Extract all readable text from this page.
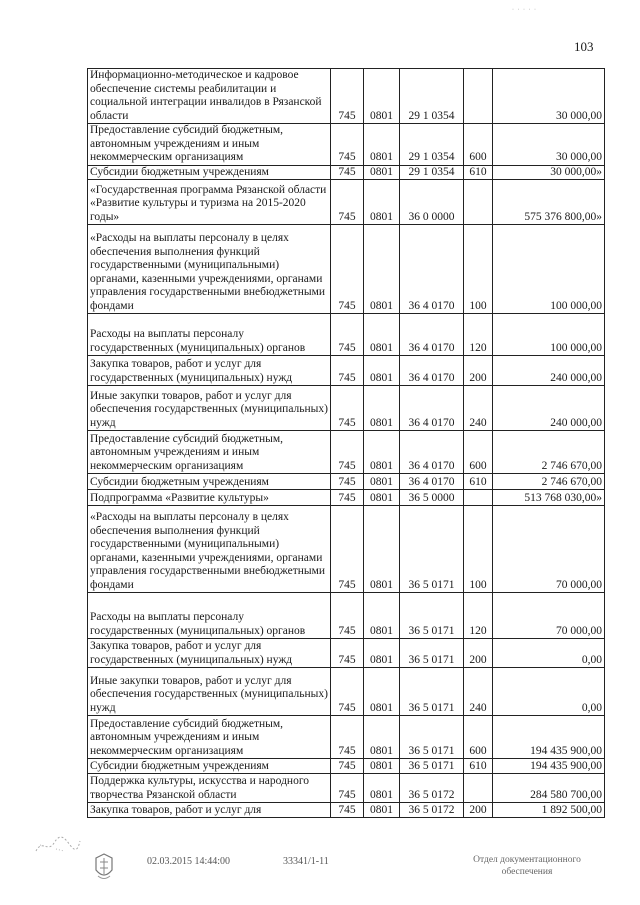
· · · · ·
103
Информационно-методическое и кадровое обеспечение системы реабилитации и социальной интеграции инвалидов в Рязанской области	745	0801	29 1 0354		30 000,00
Предоставление субсидий бюджетным, автономным учреждениям и иным некоммерческим организациям	745	0801	29 1 0354	600	30 000,00
Субсидии бюджетным учреждениям	745	0801	29 1 0354	610	30 000,00»
«Государственная программа Рязанской области «Развитие культуры и туризма на 2015-2020 годы»	745	0801	36 0 0000		575 376 800,00»
«Расходы на выплаты персоналу в целях обеспечения выполнения функций государственными (муниципальными) органами, казенными учреждениями, органами управления государственными внебюджетными фондами	745	0801	36 4 0170	100	100 000,00
Расходы на выплаты персоналу государственных (муниципальных) органов	745	0801	36 4 0170	120	100 000,00
Закупка товаров, работ и услуг для государственных (муниципальных) нужд	745	0801	36 4 0170	200	240 000,00
Иные закупки товаров, работ и услуг для обеспечения государственных (муниципальных) нужд	745	0801	36 4 0170	240	240 000,00
Предоставление субсидий бюджетным, автономным учреждениям и иным некоммерческим организациям	745	0801	36 4 0170	600	2 746 670,00
Субсидии бюджетным учреждениям	745	0801	36 4 0170	610	2 746 670,00
Подпрограмма «Развитие культуры»	745	0801	36 5 0000		513 768 030,00»
«Расходы на выплаты персоналу в целях обеспечения выполнения функций государственными (муниципальными) органами, казенными учреждениями, органами управления государственными внебюджетными фондами	745	0801	36 5 0171	100	70 000,00
Расходы на выплаты персоналу государственных (муниципальных) органов	745	0801	36 5 0171	120	70 000,00
Закупка товаров, работ и услуг для государственных (муниципальных) нужд	745	0801	36 5 0171	200	0,00
Иные закупки товаров, работ и услуг для обеспечения государственных (муниципальных) нужд	745	0801	36 5 0171	240	0,00
Предоставление субсидий бюджетным, автономным учреждениям и иным некоммерческим организациям	745	0801	36 5 0171	600	194 435 900,00
Субсидии бюджетным учреждениям	745	0801	36 5 0171	610	194 435 900,00
Поддержка культуры, искусства и народного творчества Рязанской области	745	0801	36 5 0172		284 580 700,00
Закупка товаров, работ и услуг для	745	0801	36 5 0172	200	1 892 500,00
02.03.2015 14:44:00	33341/1-11	Отдел документационного
обеспечения
